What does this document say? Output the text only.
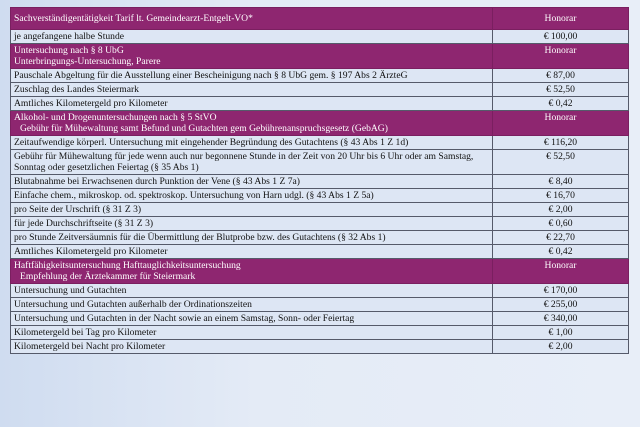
Sachverständigentätigkeit Tarif lt. Gemeindearzt-Entgelt-VO*	Honorar
je angefangene halbe Stunde	€ 100,00

Untersuchung nach § 8 UbG
Unterbringungs-Untersuchung, Parere	Honorar
Pauschale Abgeltung für die Ausstellung einer Bescheinigung nach § 8 UbG gem. § 197 Abs 2 ÄrzteG	€ 87,00
Zuschlag des Landes Steiermark	€ 52,50
Amtliches Kilometergeld pro Kilometer	€ 0,42

Alkohol- und Drogenuntersuchungen nach § 5 StVO
Gebühr für Mühewaltung samt Befund und Gutachten gem Gebührenanspruchsgesetz (GebAG)	Honorar
Zeitaufwendige körperl. Untersuchung mit eingehender Begründung des Gutachtens (§ 43 Abs 1 Z 1d)	€ 116,20
Gebühr für Mühewaltung für jede wenn auch nur begonnene Stunde in der Zeit von 20 Uhr bis 6 Uhr oder am Samstag, Sonntag oder gesetzlichen Feiertag (§ 35 Abs 1)	€ 52,50
Blutabnahme bei Erwachsenen durch Punktion der Vene (§ 43 Abs 1 Z 7a)	€ 8,40
Einfache chem., mikroskop. od. spektroskop. Untersuchung von Harn udgl. (§ 43 Abs 1 Z 5a)	€ 16,70
pro Seite der Urschrift (§ 31 Z 3)	€ 2,00
für jede Durchschriftseite (§ 31 Z 3)	€ 0,60
pro Stunde Zeitversäumnis für die Übermittlung der Blutprobe bzw. des Gutachtens (§ 32 Abs 1)	€ 22,70
Amtliches Kilometergeld pro Kilometer	€ 0,42

Haftfähigkeitsuntersuchung Hafttauglichkeitsuntersuchung
Empfehlung der Ärztekammer für Steiermark	Honorar
Untersuchung und Gutachten	€ 170,00
Untersuchung und Gutachten außerhalb der Ordinationszeiten	€ 255,00
Untersuchung und Gutachten in der Nacht sowie an einem Samstag, Sonn- oder Feiertag	€ 340,00
Kilometergeld bei Tag pro Kilometer	€ 1,00
Kilometergeld bei Nacht pro Kilometer	€ 2,00
